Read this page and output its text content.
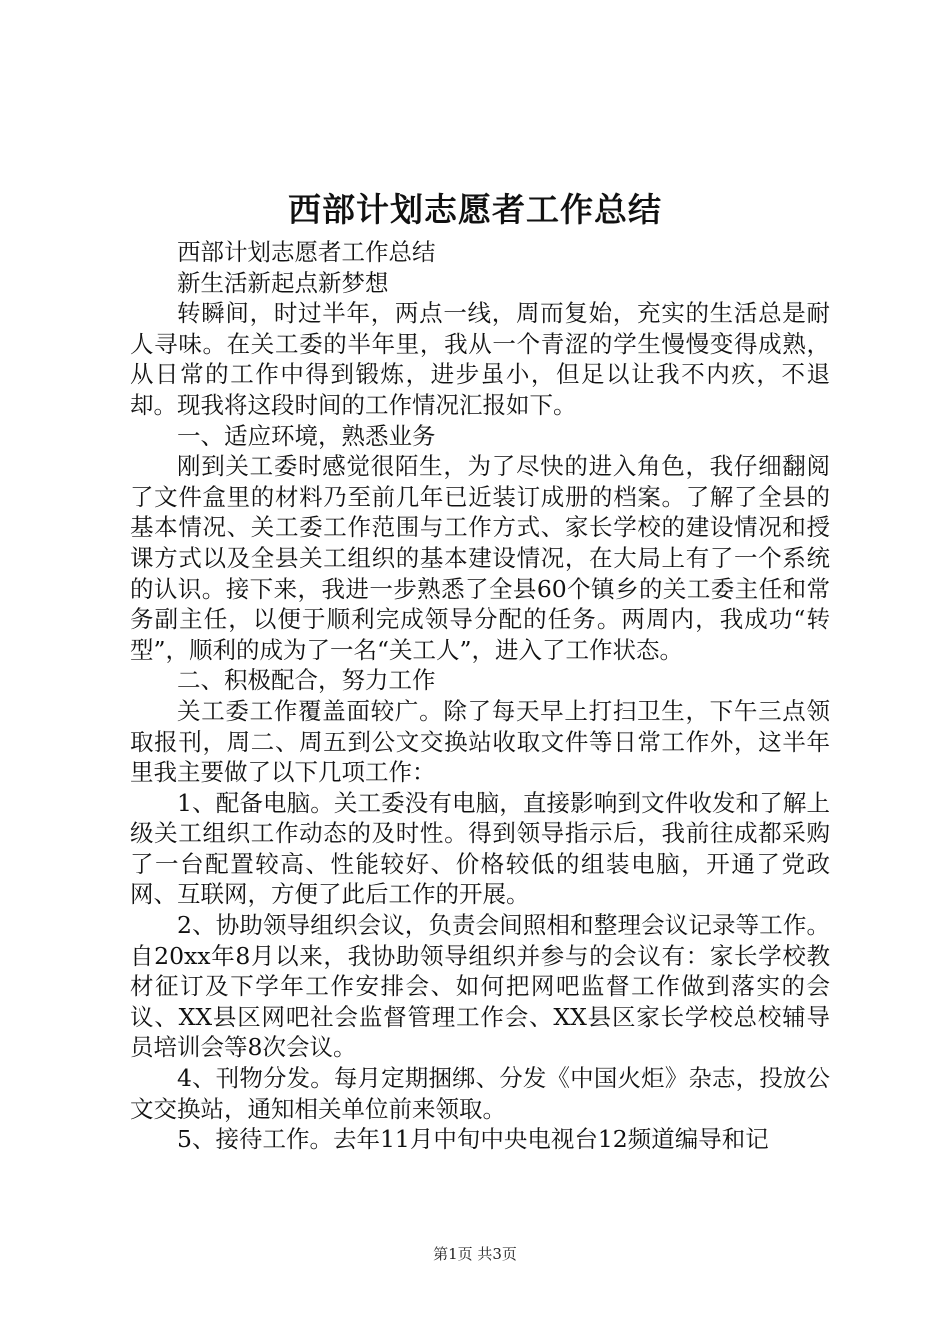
西部计划志愿者工作总结

西部计划志愿者工作总结

新生活新起点新梦想

转瞬间，时过半年，两点一线，周而复始，充实的生活总是耐人寻味。在关工委的半年里，我从一个青涩的学生慢慢变得成熟，从日常的工作中得到锻炼，进步虽小，但足以让我不内疚，不退却。现我将这段时间的工作情况汇报如下。

一、适应环境，熟悉业务

刚到关工委时感觉很陌生，为了尽快的进入角色，我仔细翻阅了文件盒里的材料乃至前几年已近装订成册的档案。了解了全县的基本情况、关工委工作范围与工作方式、家长学校的建设情况和授课方式以及全县关工组织的基本建设情况，在大局上有了一个系统的认识。接下来，我进一步熟悉了全县60个镇乡的关工委主任和常务副主任，以便于顺利完成领导分配的任务。两周内，我成功“转型”，顺利的成为了一名“关工人”，进入了工作状态。

二、积极配合，努力工作

关工委工作覆盖面较广。除了每天早上打扫卫生，下午三点领取报刊，周二、周五到公文交换站收取文件等日常工作外，这半年里我主要做了以下几项工作：

1、配备电脑。关工委没有电脑，直接影响到文件收发和了解上级关工组织工作动态的及时性。得到领导指示后，我前往成都采购了一台配置较高、性能较好、价格较低的组装电脑，开通了党政网、互联网，方便了此后工作的开展。

2、协助领导组织会议，负责会间照相和整理会议记录等工作。自20xx年8月以来，我协助领导组织并参与的会议有：家长学校教材征订及下学年工作安排会、如何把网吧监督工作做到落实的会议、XX县区网吧社会监督管理工作会、XX县区家长学校总校辅导员培训会等8次会议。

4、刊物分发。每月定期捆绑、分发《中国火炬》杂志，投放公文交换站，通知相关单位前来领取。

5、接待工作。去年11月中旬中央电视台12频道编导和记

第1页 共3页
